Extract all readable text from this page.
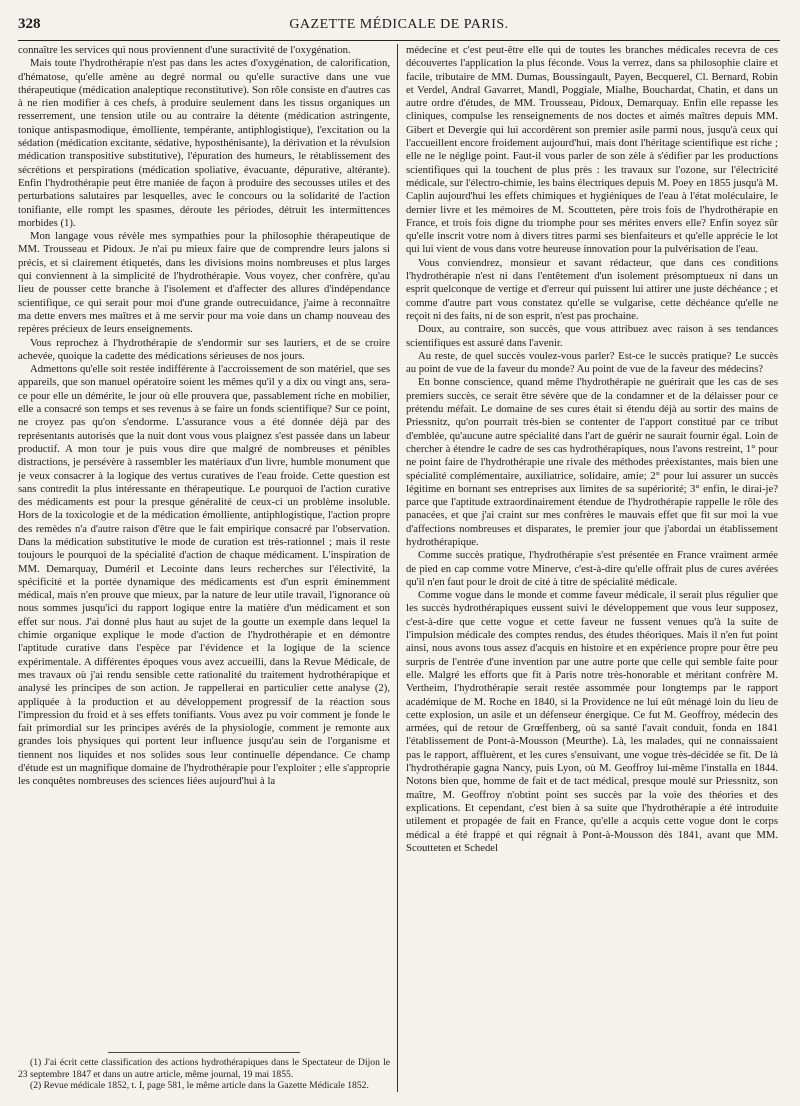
328	GAZETTE MÉDICALE DE PARIS.

connaître les services qui nous proviennent d'une suractivité de l'oxygénation.

Mais toute l'hydrothérapie n'est pas dans les actes d'oxygénation, de calorification, d'hématose, qu'elle amène au degré normal ou qu'elle suractive dans une vue thérapeutique (médication analeptique reconstitutive). Son rôle consiste en d'autres cas à ne rien modifier à ces chefs, à produire seulement dans les tissus organiques un resserrement, une tension utile ou au contraire la détente (médication astringente, tonique antispasmodique, émolliente, tempérante, antiphlogistique), l'excitation ou la sédation (médication excitante, sédative, hyposthénisante), la dérivation et la révulsion médication transpositive substitutive), l'épuration des humeurs, le rétablissement des sécrétions et perspirations (médication spoliative, évacuante, dépurative, altérante). Enfin l'hydrothérapie peut être maniée de façon à produire des secousses utiles et des perturbations salutaires par lesquelles, avec le concours ou la solidarité de l'action tonifiante, elle rompt les spasmes, déroute les périodes, détruit les intermittences morbides (1).

Mon langage vous révèle mes sympathies pour la philosophie thérapeutique de MM. Trousseau et Pidoux. Je n'ai pu mieux faire que de comprendre leurs jalons si précis, et si clairement étiquetés, dans les divisions moins nombreuses et plus larges qui conviennent à la simplicité de l'hydrothérapie. Vous voyez, cher confrère, qu'au lieu de pousser cette branche à l'isolement et d'affecter des allures d'indépendance scientifique, ce qui serait pour moi d'une grande outrecuidance, j'aime à reconnaître ma dette envers mes maîtres et à me servir pour ma voie dans un champ nouveau des repères précieux de leurs enseignements.

Vous reprochez à l'hydrothérapie de s'endormir sur ses lauriers, et de se croire achevée, quoique la cadette des médications sérieuses de nos jours.

Admettons qu'elle soit restée indifférente à l'accroissement de son matériel, que ses appareils, que son manuel opératoire soient les mêmes qu'il y a dix ou vingt ans, sera-ce pour elle un démérite, le jour où elle prouvera que, passablement riche en mobilier, elle a consacré son temps et ses revenus à se faire un fonds scientifique? Sur ce point, ne croyez pas qu'on s'endorme. L'assurance vous a été donnée déjà par des représentants autorisés que la nuit dont vous vous plaignez s'est passée dans un labeur productif. A mon tour je puis vous dire que malgré de nombreuses et pénibles distractions, je persévère à rassembler les matériaux d'un livre, humble monument que je veux consacrer à la logique des vertus curatives de l'eau froide. Cette question est sans contredit la plus intéressante en thérapeutique. Le pourquoi de l'action curative des médicaments est pour la presque généralité de ceux-ci un problème insoluble. Hors de la toxicologie et de la médication émolliente, antiphlogistique, l'action propre des remèdes n'a d'autre raison d'être que le fait empirique consacré par l'observation. Dans la médication substitutive le mode de curation est très-rationnel ; mais il reste toujours le pourquoi de la spécialité d'action de chaque médicament. L'inspiration de MM. Demarquay, Duméril et Lecointe dans leurs recherches sur l'électivité, la spécificité et la portée dynamique des médicaments est d'un esprit éminemment médical, mais n'en prouve que mieux, par la nature de leur utile travail, l'ignorance où nous sommes jusqu'ici du rapport logique entre la matière d'un médicament et son effet sur nous. J'ai donné plus haut au sujet de la goutte un exemple dans lequel la chimie organique explique le mode d'action de l'hydrothérapie et en démontre l'aptitude curative dans l'espèce par l'évidence et la logique de la science expérimentale. A différentes époques vous avez accueilli, dans la Revue Médicale, de mes travaux où j'ai rendu sensible cette rationalité du traitement hydrothérapique et analysé les principes de son action. Je rappellerai en particulier cette analyse (2), appliquée à la production et au développement progressif de la réaction sous l'impression du froid et à ses effets tonifiants. Vous avez pu voir comment je fonde le fait primordial sur les principes avérés de la physiologie, comment je remonte aux grandes lois physiques qui portent leur influence jusqu'au sein de l'organisme et tiennent nos liquides et nos solides sous leur continuelle dépendance. Ce champ d'étude est un magnifique domaine de l'hydrothérapie pour l'exploiter ; elle s'approprie les conquêtes nombreuses des sciences liées aujourd'hui à la

(1) J'ai écrit cette classification des actions hydrothérapiques dans le Spectateur de Dijon le 23 septembre 1847 et dans un autre article, même journal, 19 mai 1855.

(2) Revue médicale 1852, t. I, page 581, le même article dans la Gazette Médicale 1852.

médecine et c'est peut-être elle qui de toutes les branches médicales recevra de ces découvertes l'application la plus féconde. Vous la verrez, dans sa philosophie claire et facile, tributaire de MM. Dumas, Boussingault, Payen, Becquerel, Cl. Bernard, Robin et Verdel, Andral Gavarret, Mandl, Poggiale, Mialhe, Bouchardat, Chatin, et dans un autre ordre d'études, de MM. Trousseau, Pidoux, Demarquay. Enfin elle repasse les cliniques, compulse les renseignements de nos doctes et aimés maîtres depuis MM. Gibert et Devergie qui lui accordèrent son premier asile parmi nous, jusqu'à ceux qui l'accueillent encore froidement aujourd'hui, mais dont l'héritage scientifique est riche ; elle ne le néglige point. Faut-il vous parler de son zèle à s'édifier par les productions scientifiques qui la touchent de plus près : les travaux sur l'ozone, sur l'électricité médicale, sur l'électro-chimie, les bains électriques depuis M. Poey en 1855 jusqu'à M. Caplin aujourd'hui les effets chimiques et hygiéniques de l'eau à l'état moléculaire, le dernier livre et les mémoires de M. Scoutteten, père trois fois de l'hydrothérapie en France, et trois fois digne du triomphe pour ses mérites envers elle? Enfin soyez sûr qu'elle inscrit votre nom à divers titres parmi ses bienfaiteurs et qu'elle apprécie le lot qui lui vient de vous dans votre heureuse innovation pour la pulvérisation de l'eau.

Vous conviendrez, monsieur et savant rédacteur, que dans ces conditions l'hydrothérapie n'est ni dans l'entêtement d'un isolement présomptueux ni dans un esprit quelconque de vertige et d'erreur qui puissent lui attirer une juste déchéance ; et comme d'autre part vous constatez qu'elle se vulgarise, cette déchéance qu'elle ne reçoit ni des faits, ni de son esprit, n'est pas prochaine.

Doux, au contraire, son succès, que vous attribuez avec raison à ses tendances scientifiques est assuré dans l'avenir.

Au reste, de quel succès voulez-vous parler? Est-ce le succès pratique? Le succès au point de vue de la faveur du monde? Au point de vue de la faveur des médecins?

En bonne conscience, quand même l'hydrothérapie ne guérirait que les cas de ses premiers succès, ce serait être sévère que de la condamner et de la délaisser pour ce prétendu méfait. Le domaine de ses cures était si étendu déjà au sortir des mains de Priessnitz, qu'on pourrait très-bien se contenter de l'apport constitué par ce tribut d'emblée, qu'aucune autre spécialité dans l'art de guérir ne saurait fournir égal. Loin de chercher à étendre le cadre de ses cas hydrothérapiques, nous l'avons restreint, 1° pour ne point faire de l'hydrothérapie une rivale des méthodes préexistantes, mais bien une spécialité complémentaire, auxiliatrice, solidaire, amie; 2° pour lui assurer un succès légitime en bornant ses entreprises aux limites de sa supériorité; 3° enfin, le dirai-je? parce que l'aptitude extraordinairement étendue de l'hydrothérapie rappelle le rôle des panacées, et que j'ai craint sur mes confrères le mauvais effet que fit sur moi la vue d'affections nombreuses et disparates, le premier jour que j'abordai un établissement hydrothérapique.

Comme succès pratique, l'hydrothérapie s'est présentée en France vraiment armée de pied en cap comme votre Minerve, c'est-à-dire qu'elle offrait plus de cures avérées qu'il n'en faut pour le droit de cité à titre de spécialité médicale.

Comme vogue dans le monde et comme faveur médicale, il serait plus régulier que les succès hydrothérapiques eussent suivi le développement que vous leur supposez, c'est-à-dire que cette vogue et cette faveur ne fussent venues qu'à la suite de l'impulsion médicale des comptes rendus, des études théoriques. Mais il n'en fut point ainsi, nous avons tous assez d'acquis en histoire et en expérience propre pour être peu surpris de l'entrée d'une invention par une autre porte que celle qui semble faite pour elle. Malgré les efforts que fit à Paris notre très-honorable et méritant confrère M. Vertheim, l'hydrothérapie serait restée assommée pour longtemps par le rapport académique de M. Roche en 1840, si la Providence ne lui eût ménagé loin du lieu de cette explosion, un asile et un défenseur énergique. Ce fut M. Geoffroy, médecin des armées, qui de retour de Grœffenberg, où sa santé l'avait conduit, fonda en 1841 l'établissement de Pont-à-Mousson (Meurthe). Là, les malades, qui ne connaissaient pas le rapport, affluèrent, et les cures s'ensuivant, une vogue très-décidée se fit. De là l'hydrothérapie gagna Nancy, puis Lyon, où M. Geoffroy lui-même l'installa en 1844. Notons bien que, homme de fait et de tact médical, presque moulé sur Priessnitz, son maître, M. Geoffroy n'obtint point ses succès par la voie des théories et des explications. Et cependant, c'est bien à sa suite que l'hydrothérapie a été introduite utilement et propagée de fait en France, qu'elle a acquis cette vogue dont le corps médical a été frappé et qui régnait à Pont-à-Mousson dès 1841, avant que MM. Scoutteten et Schedel
